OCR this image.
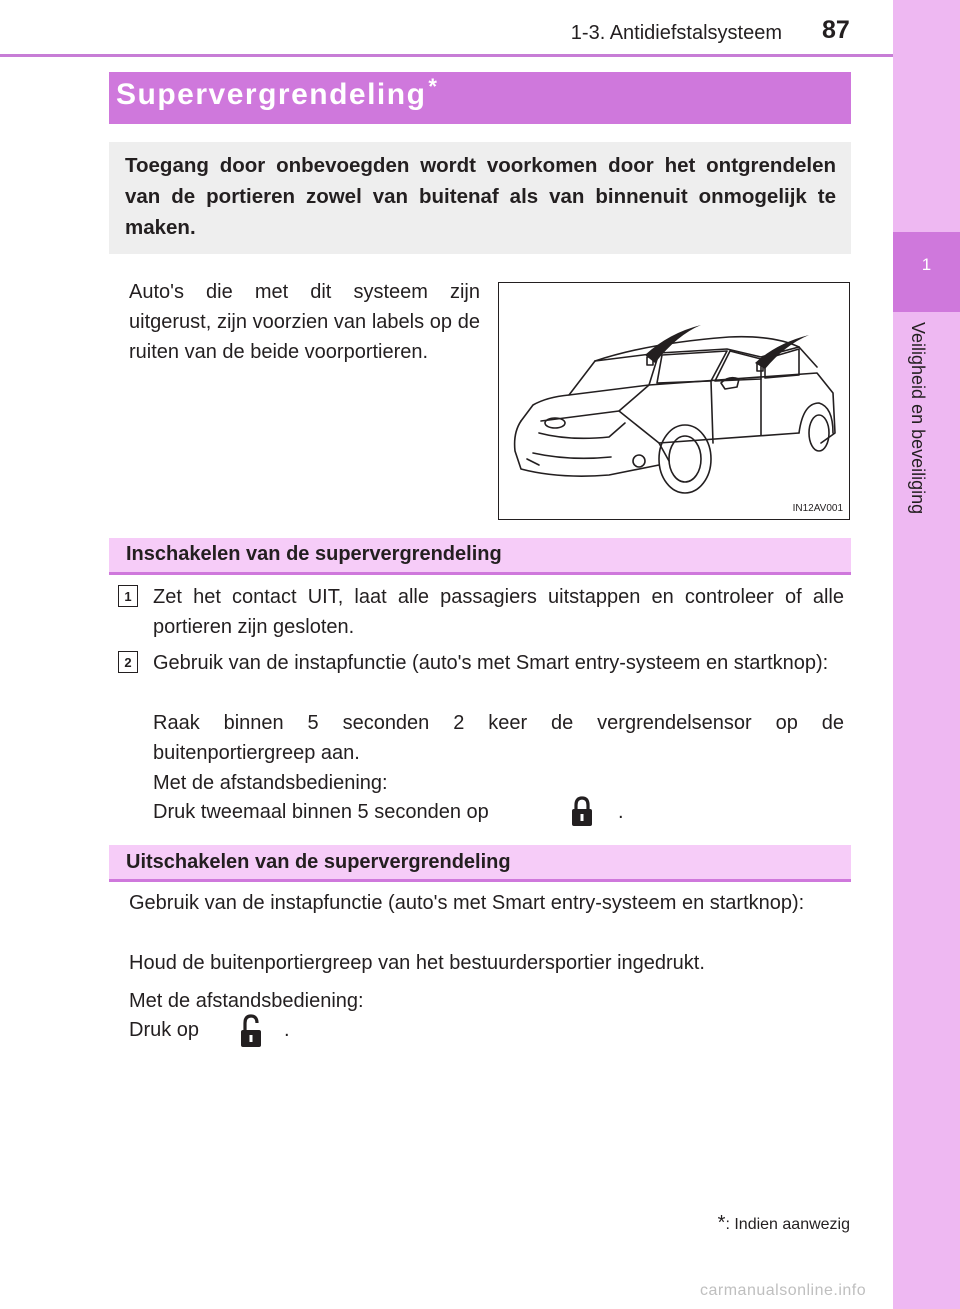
1-3. Antidiefstalsysteem 87
1
Veiligheid en beveiliging
Supervergrendeling*
Toegang door onbevoegden wordt voorkomen door het ontgrendelen van de portieren zowel van buitenaf als van binnenuit onmogelijk te maken.
Auto's die met dit systeem zijn uitgerust, zijn voorzien van labels op de ruiten van de beide voorportieren.
IN12AV001
Inschakelen van de supervergrendeling
1	Zet het contact UIT, laat alle passagiers uitstappen en controleer of alle portieren zijn gesloten.
2	Gebruik van de instapfunctie (auto's met Smart entry-systeem en startknop):
Raak binnen 5 seconden 2 keer de vergrendelsensor op de buitenportiergreep aan.
Met de afstandsbediening:
Druk tweemaal binnen 5 seconden op	.
Uitschakelen van de supervergrendeling
Gebruik van de instapfunctie (auto's met Smart entry-systeem en startknop):
Houd de buitenportiergreep van het bestuurdersportier ingedrukt.
Met de afstandsbediening:
Druk op	.
*: Indien aanwezig
carmanualsonline.info
